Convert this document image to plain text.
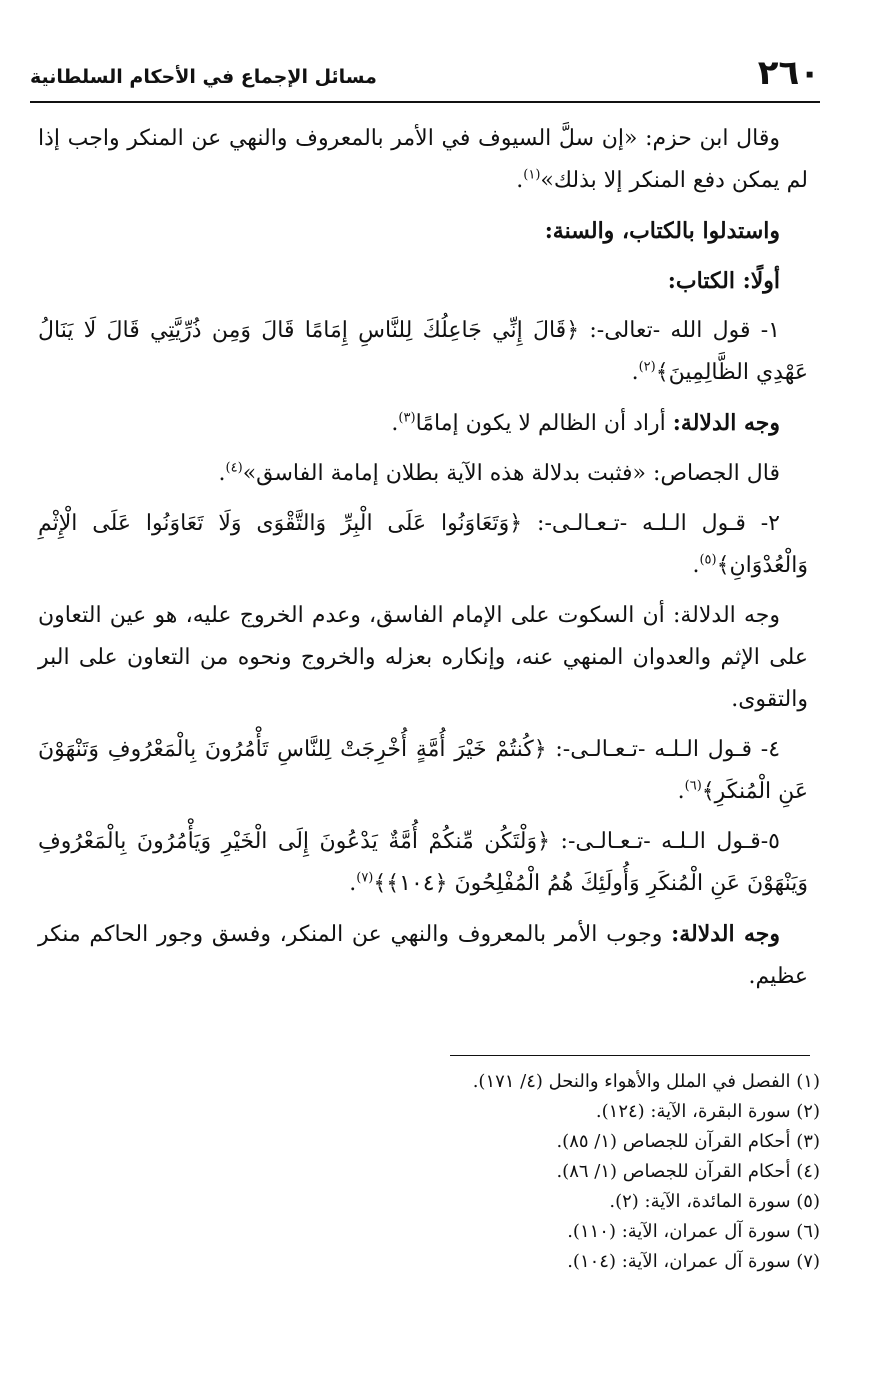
٢٦٠
مسائل الإجماع في الأحكام السلطانية

وقال ابن حزم: «إن سلَّ السيوف في الأمر بالمعروف والنهي عن المنكر واجب إذا لم يمكن دفع المنكر إلا بذلك»$^{(١)}$.

واستدلوا بالكتاب، والسنة:

أولًا: الكتاب:

١- قول الله -تعالى-: ﴿قَالَ إِنِّي جَاعِلُكَ لِلنَّاسِ إِمَامًا قَالَ وَمِن ذُرِّيَّتِي قَالَ لَا يَنَالُ عَهْدِي الظَّالِمِينَ﴾$^{(٢)}$.

وجه الدلالة: أراد أن الظالم لا يكون إمامًا$^{(٣)}$.

قال الجصاص: «فثبت بدلالة هذه الآية بطلان إمامة الفاسق»$^{(٤)}$.

٢- قـول الـلـه -تـعـالـى-: ﴿وَتَعَاوَنُوا عَلَى الْبِرِّ وَالتَّقْوَى وَلَا تَعَاوَنُوا عَلَى الْإِثْمِ وَالْعُدْوَانِ﴾$^{(٥)}$.

وجه الدلالة: أن السكوت على الإمام الفاسق، وعدم الخروج عليه، هو عين التعاون على الإثم والعدوان المنهي عنه، وإنكاره بعزله والخروج ونحوه من التعاون على البر والتقوى.

٤- قـول الـلـه -تـعـالـى-: ﴿كُنتُمْ خَيْرَ أُمَّةٍ أُخْرِجَتْ لِلنَّاسِ تَأْمُرُونَ بِالْمَعْرُوفِ وَتَنْهَوْنَ عَنِ الْمُنكَرِ﴾$^{(٦)}$.

٥-قـول الـلـه -تـعـالـى-: ﴿وَلْتَكُن مِّنكُمْ أُمَّةٌ يَدْعُونَ إِلَى الْخَيْرِ وَيَأْمُرُونَ بِالْمَعْرُوفِ وَيَنْهَوْنَ عَنِ الْمُنكَرِ وَأُولَئِكَ هُمُ الْمُفْلِحُونَ ﴿١٠٤﴾﴾$^{(٧)}$.

وجه الدلالة: وجوب الأمر بالمعروف والنهي عن المنكر، وفسق وجور الحاكم منكر عظيم.

(١) الفصل في الملل والأهواء والنحل (٤/ ١٧١).
(٢) سورة البقرة، الآية: (١٢٤).
(٣) أحكام القرآن للجصاص (١/ ٨٥).
(٤) أحكام القرآن للجصاص (١/ ٨٦).
(٥) سورة المائدة، الآية: (٢).
(٦) سورة آل عمران، الآية: (١١٠).
(٧) سورة آل عمران، الآية: (١٠٤).
